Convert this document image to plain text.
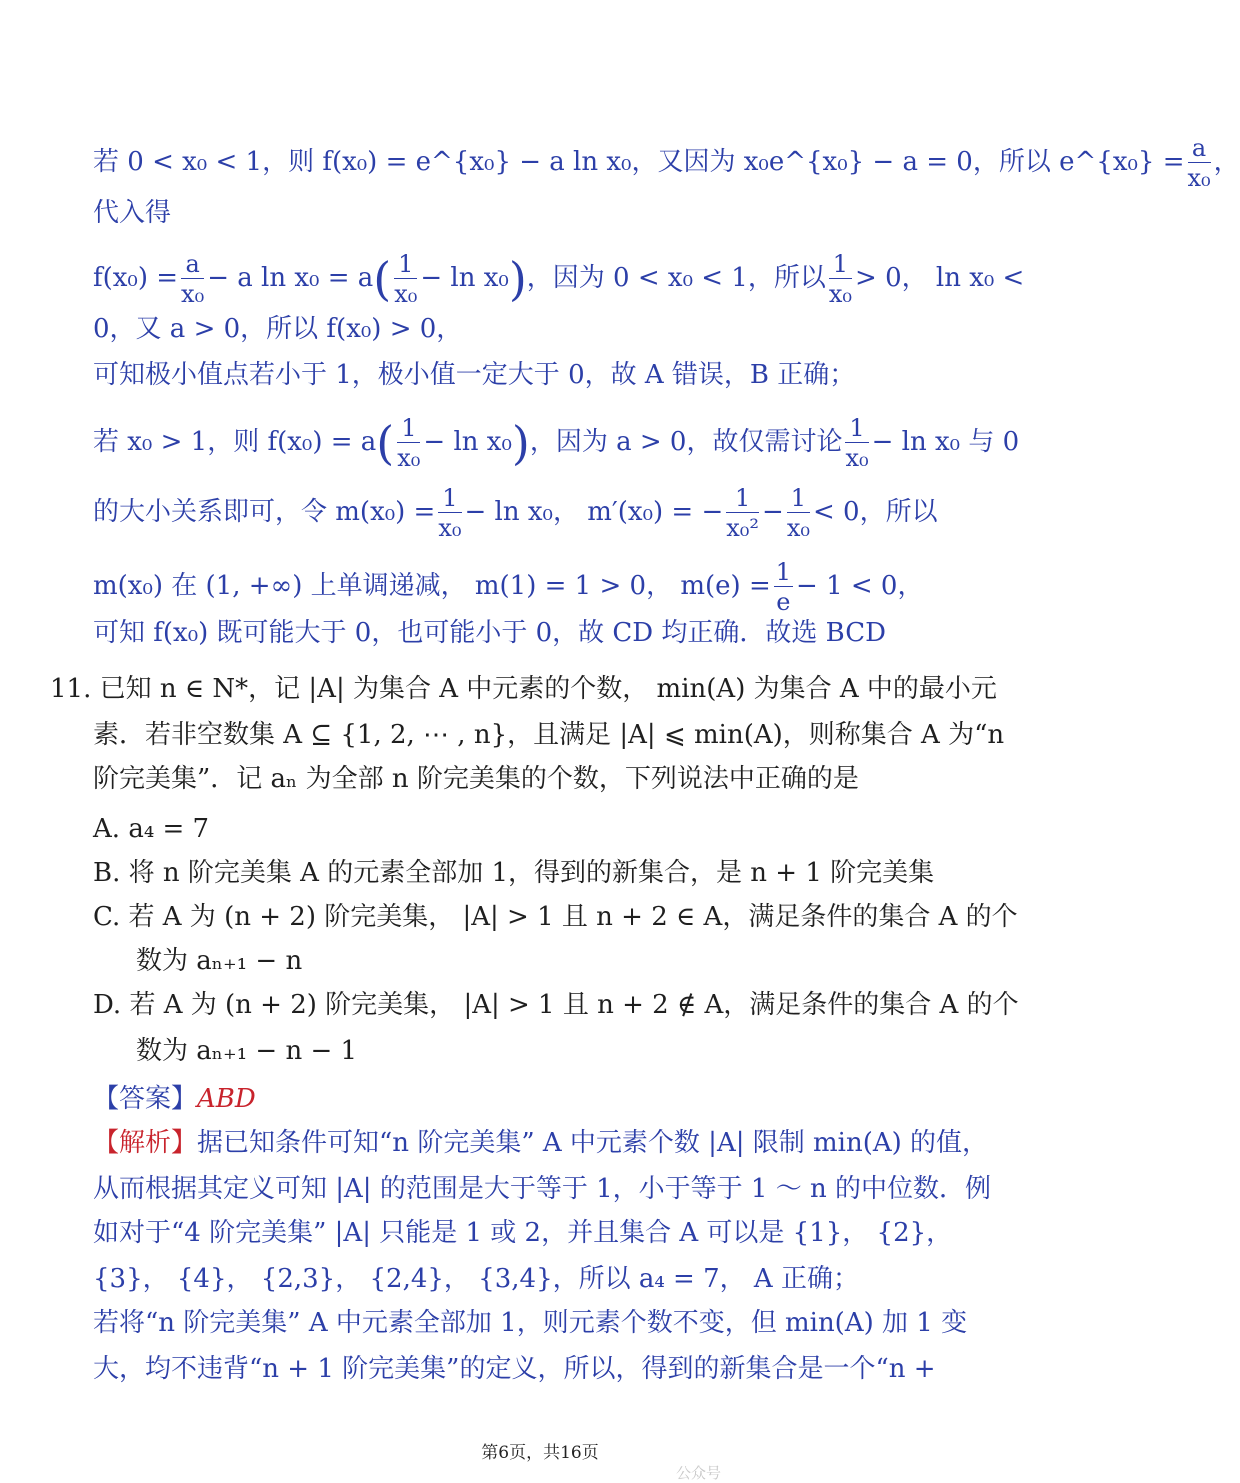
若 0 < x₀ < 1，则 f(x₀) = e^{x₀} − a ln x₀，又因为 x₀e^{x₀} − a = 0，所以 e^{x₀} = $\frac{a}{\text{x₀}}$ ，
代入得
$f(x_0) = \frac{a}{\text{x₀}} - a$ $\ln x_0 = a( \frac{1}{\text{x₀}} - \ln x_0)$，因为 0 < x₀ < 1，所以 $\frac{1}{\text{x₀}} > 0$， ln x₀ <
0，又 a > 0，所以 f(x₀) > 0，
可知极小值点若小于 1，极小值一定大于 0，故 A 错误，B 正确；
若 x₀ > 1，则 $f(x_0) = a( \frac{1}{\text{x₀}} - \ln x_0)$，因为 a > 0，故仅需讨论 $\frac{1}{\text{x₀}} - \ln x_0$ 与 0
的大小关系即可，令 $m(x_0) = \frac{1}{\text{x₀}} - \ln x_0$， m′(x₀) = − $\frac{1}{\text{x₀²}} - \frac{1}{\text{x₀}} < 0$，所以
m(x₀) 在 (1, +∞) 上单调递减， m(1) = 1 > 0， $m(e) = \frac{1}{e} - 1 < 0$，
可知 f(x₀) 既可能大于 0，也可能小于 0，故 CD 均正确．故选 BCD
11. 已知 n ∈ N*，记 |A| 为集合 A 中元素的个数， min(A) 为集合 A 中的最小元
素．若非空数集 A ⊆ {1, 2, ⋯ , n}，且满足 |A| ⩽ min(A)，则称集合 A 为“n
阶完美集”．记 aₙ 为全部 n 阶完美集的个数，下列说法中正确的是
A. a₄ = 7
B. 将 n 阶完美集 A 的元素全部加 1，得到的新集合，是 n + 1 阶完美集
C. 若 A 为 (n + 2) 阶完美集， |A| > 1 且 n + 2 ∈ A，满足条件的集合 A 的个
数为 aₙ₊₁ − n
D. 若 A 为 (n + 2) 阶完美集， |A| > 1 且 n + 2 ∉ A，满足条件的集合 A 的个
数为 aₙ₊₁ − n − 1
【答案】ABD
【解析】据已知条件可知“n 阶完美集” A 中元素个数 |A| 限制 min(A) 的值，
从而根据其定义可知 |A| 的范围是大于等于 1，小于等于 1 ～ n 的中位数．例
如对于“4 阶完美集” |A| 只能是 1 或 2，并且集合 A 可以是 {1}， {2}，
{3}， {4}， {2,3}， {2,4}， {3,4}，所以 a₄ = 7， A 正确；
若将“n 阶完美集” A 中元素全部加 1，则元素个数不变，但 min(A) 加 1 变
大，均不违背“n + 1 阶完美集”的定义，所以，得到的新集合是一个“n +
第6页，共16页
公众号
